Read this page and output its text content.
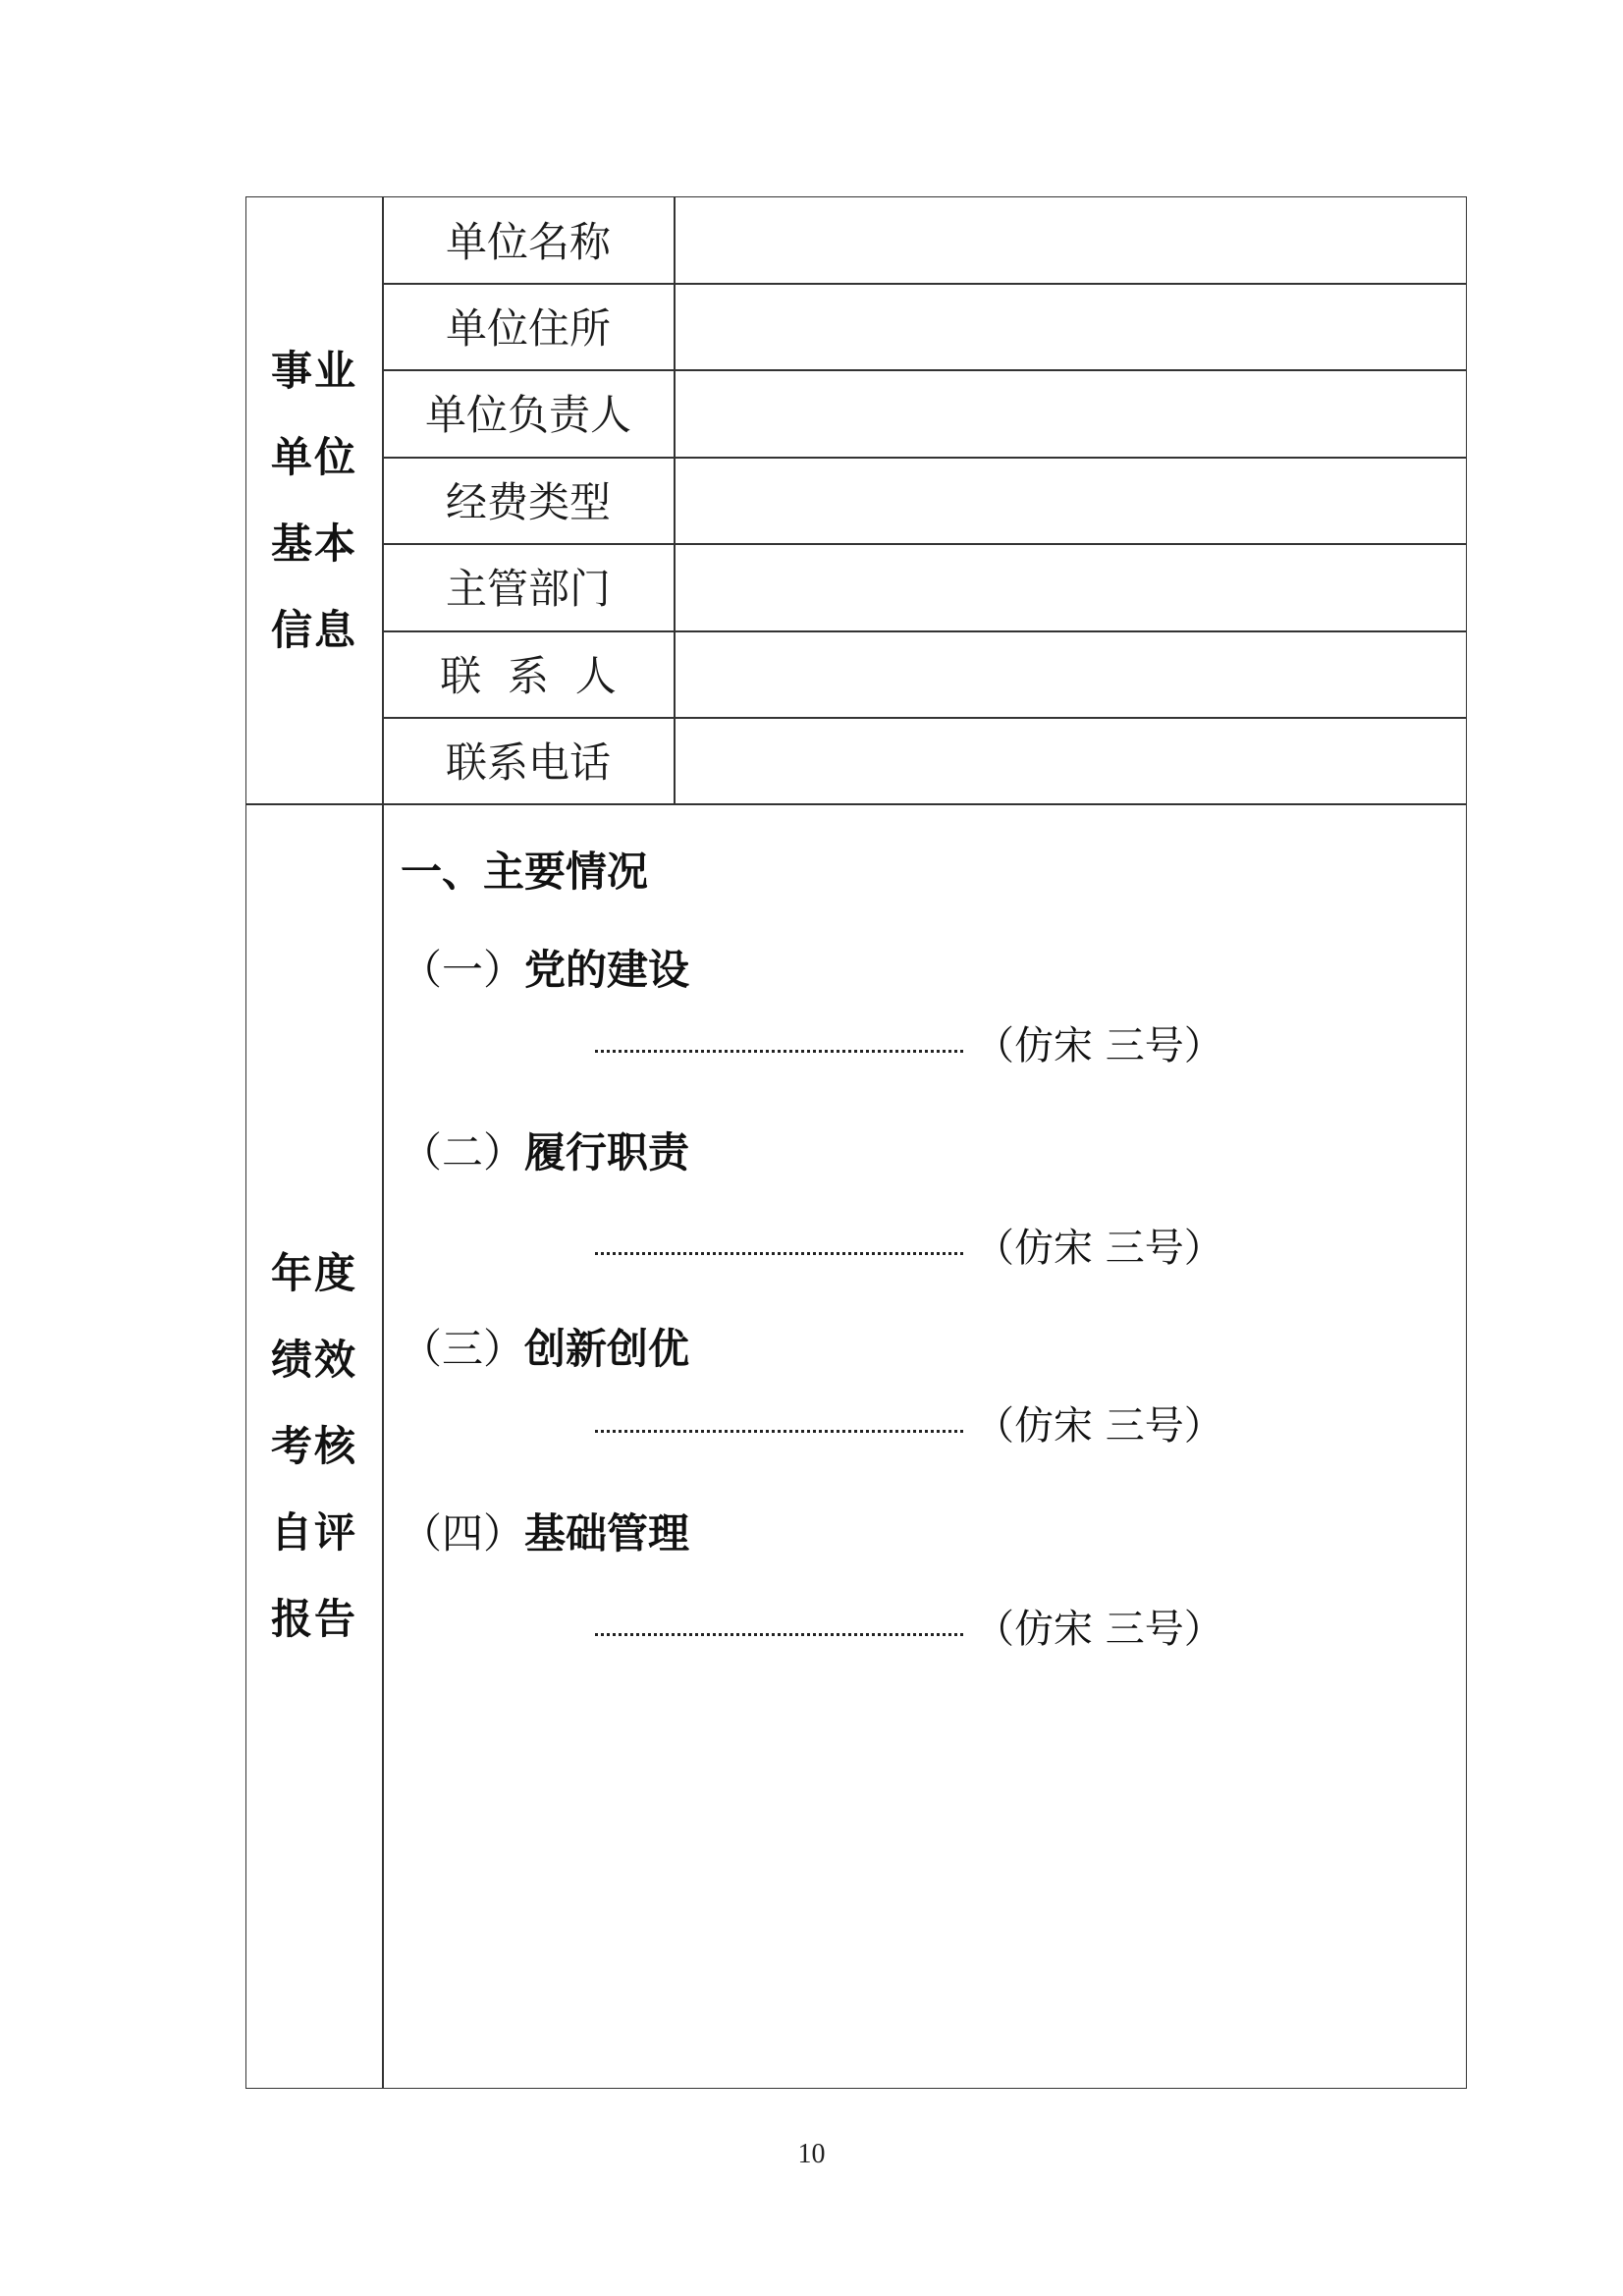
事业
单位
基本
信息
单位名称
单位住所
单位负责人
经费类型
主管部门
联  系  人
联系电话
年度
绩效
考核
自评
报告
一、主要情况
（一）党的建设
（仿宋 三号）
（二）履行职责
（仿宋 三号）
（三）创新创优
（仿宋 三号）
（四）基础管理
（仿宋 三号）
10
